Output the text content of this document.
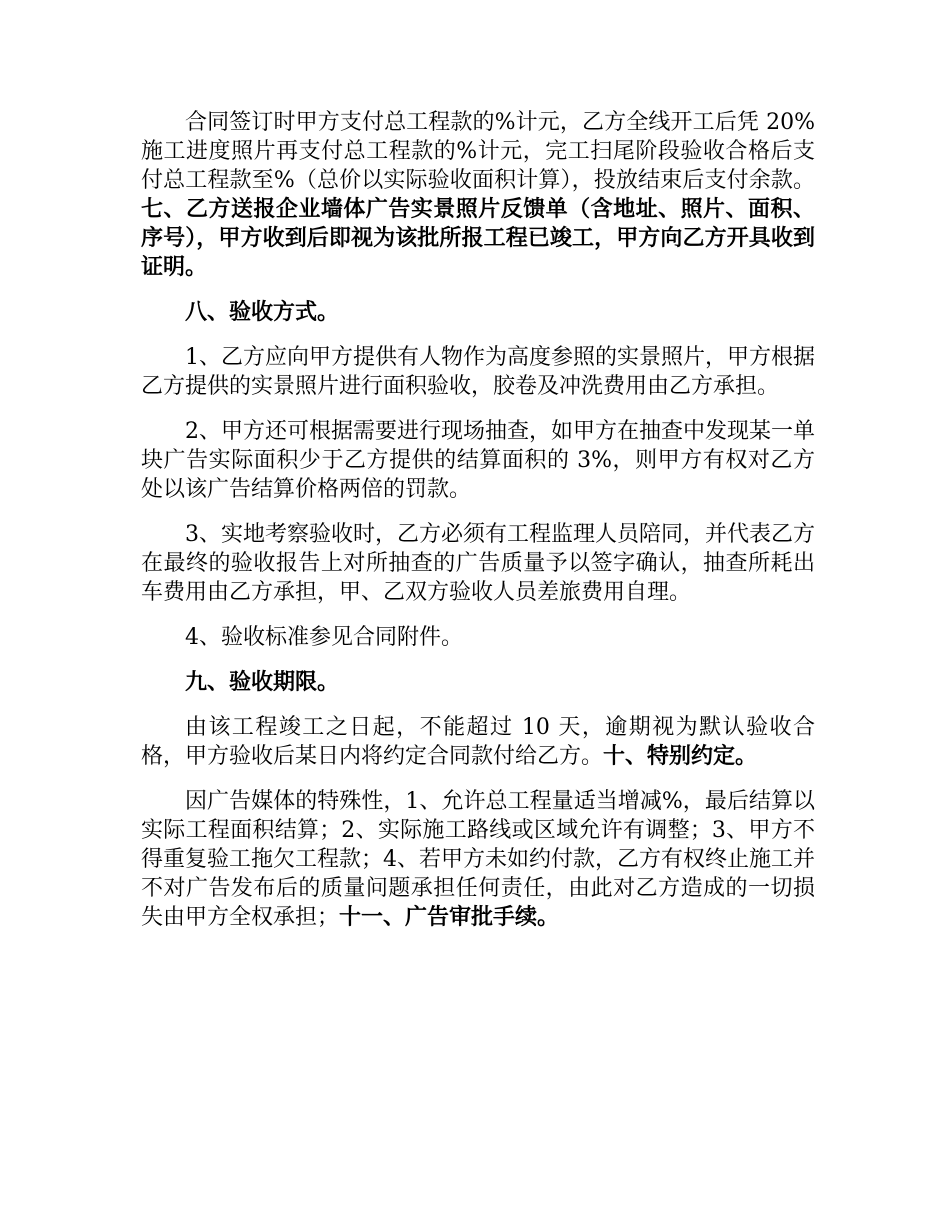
合同签订时甲方支付总工程款的%计元，乙方全线开工后凭 20%施工进度照片再支付总工程款的%计元，完工扫尾阶段验收合格后支付总工程款至%（总价以实际验收面积计算），投放结束后支付余款。七、乙方送报企业墙体广告实景照片反馈单（含地址、照片、面积、序号），甲方收到后即视为该批所报工程已竣工，甲方向乙方开具收到证明。

八、验收方式。

1、乙方应向甲方提供有人物作为高度参照的实景照片，甲方根据乙方提供的实景照片进行面积验收，胶卷及冲洗费用由乙方承担。

2、甲方还可根据需要进行现场抽查，如甲方在抽查中发现某一单块广告实际面积少于乙方提供的结算面积的 3%，则甲方有权对乙方处以该广告结算价格两倍的罚款。

3、实地考察验收时，乙方必须有工程监理人员陪同，并代表乙方在最终的验收报告上对所抽查的广告质量予以签字确认，抽查所耗出车费用由乙方承担，甲、乙双方验收人员差旅费用自理。

4、验收标准参见合同附件。

九、验收期限。

由该工程竣工之日起，不能超过 10 天，逾期视为默认验收合格，甲方验收后某日内将约定合同款付给乙方。十、特别约定。

因广告媒体的特殊性，1、允许总工程量适当增减%，最后结算以实际工程面积结算；2、实际施工路线或区域允许有调整；3、甲方不得重复验工拖欠工程款；4、若甲方未如约付款，乙方有权终止施工并不对广告发布后的质量问题承担任何责任，由此对乙方造成的一切损失由甲方全权承担；十一、广告审批手续。
